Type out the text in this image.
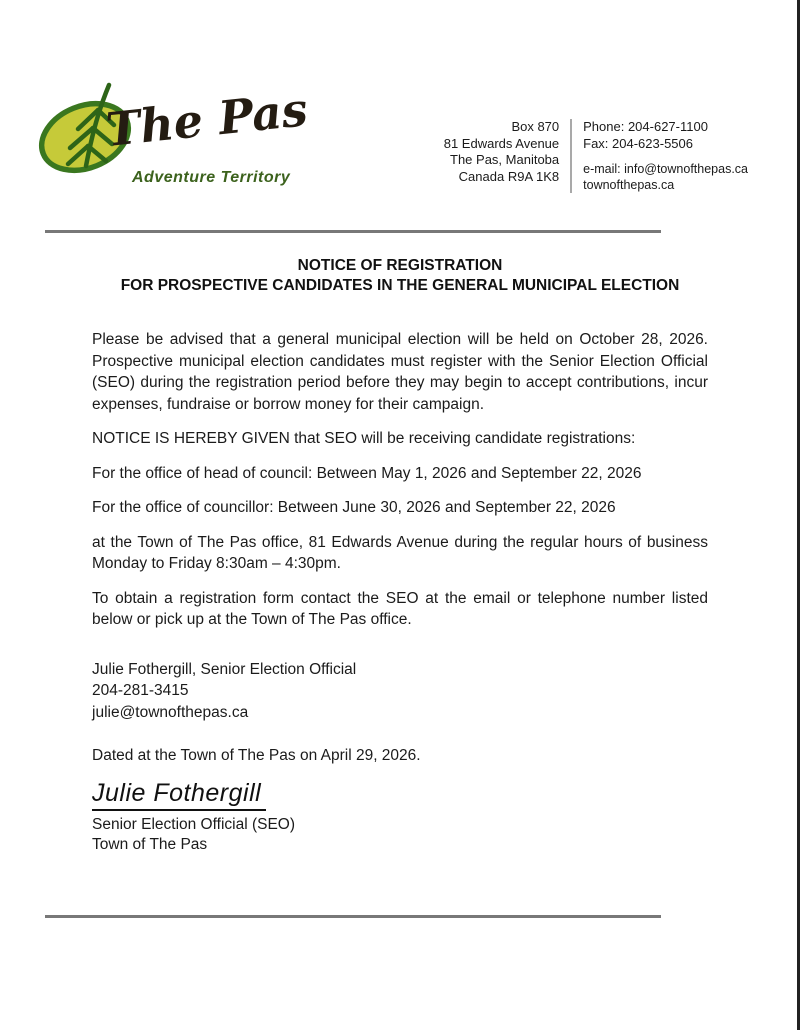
The Pas
Adventure Territory
Box 870
81 Edwards Avenue
The Pas, Manitoba
Canada R9A 1K8
Phone: 204-627-1100
Fax: 204-623-5506
e-mail: info@townofthepas.ca
townofthepas.ca
NOTICE OF REGISTRATION
FOR PROSPECTIVE CANDIDATES IN THE GENERAL MUNICIPAL ELECTION

Please be advised that a general municipal election will be held on October 28, 2026. Prospective municipal election candidates must register with the Senior Election Official (SEO) during the registration period before they may begin to accept contributions, incur expenses, fundraise or borrow money for their campaign.

NOTICE IS HEREBY GIVEN that SEO will be receiving candidate registrations:

For the office of head of council: Between May 1, 2026 and September 22, 2026

For the office of councillor: Between June 30, 2026 and September 22, 2026

at the Town of The Pas office, 81 Edwards Avenue during the regular hours of business Monday to Friday 8:30am – 4:30pm.

To obtain a registration form contact the SEO at the email or telephone number listed below or pick up at the Town of The Pas office.

Julie Fothergill, Senior Election Official
204-281-3415
julie@townofthepas.ca

Dated at the Town of The Pas on April 29, 2026.

Julie Fothergill
Senior Election Official (SEO)
Town of The Pas
